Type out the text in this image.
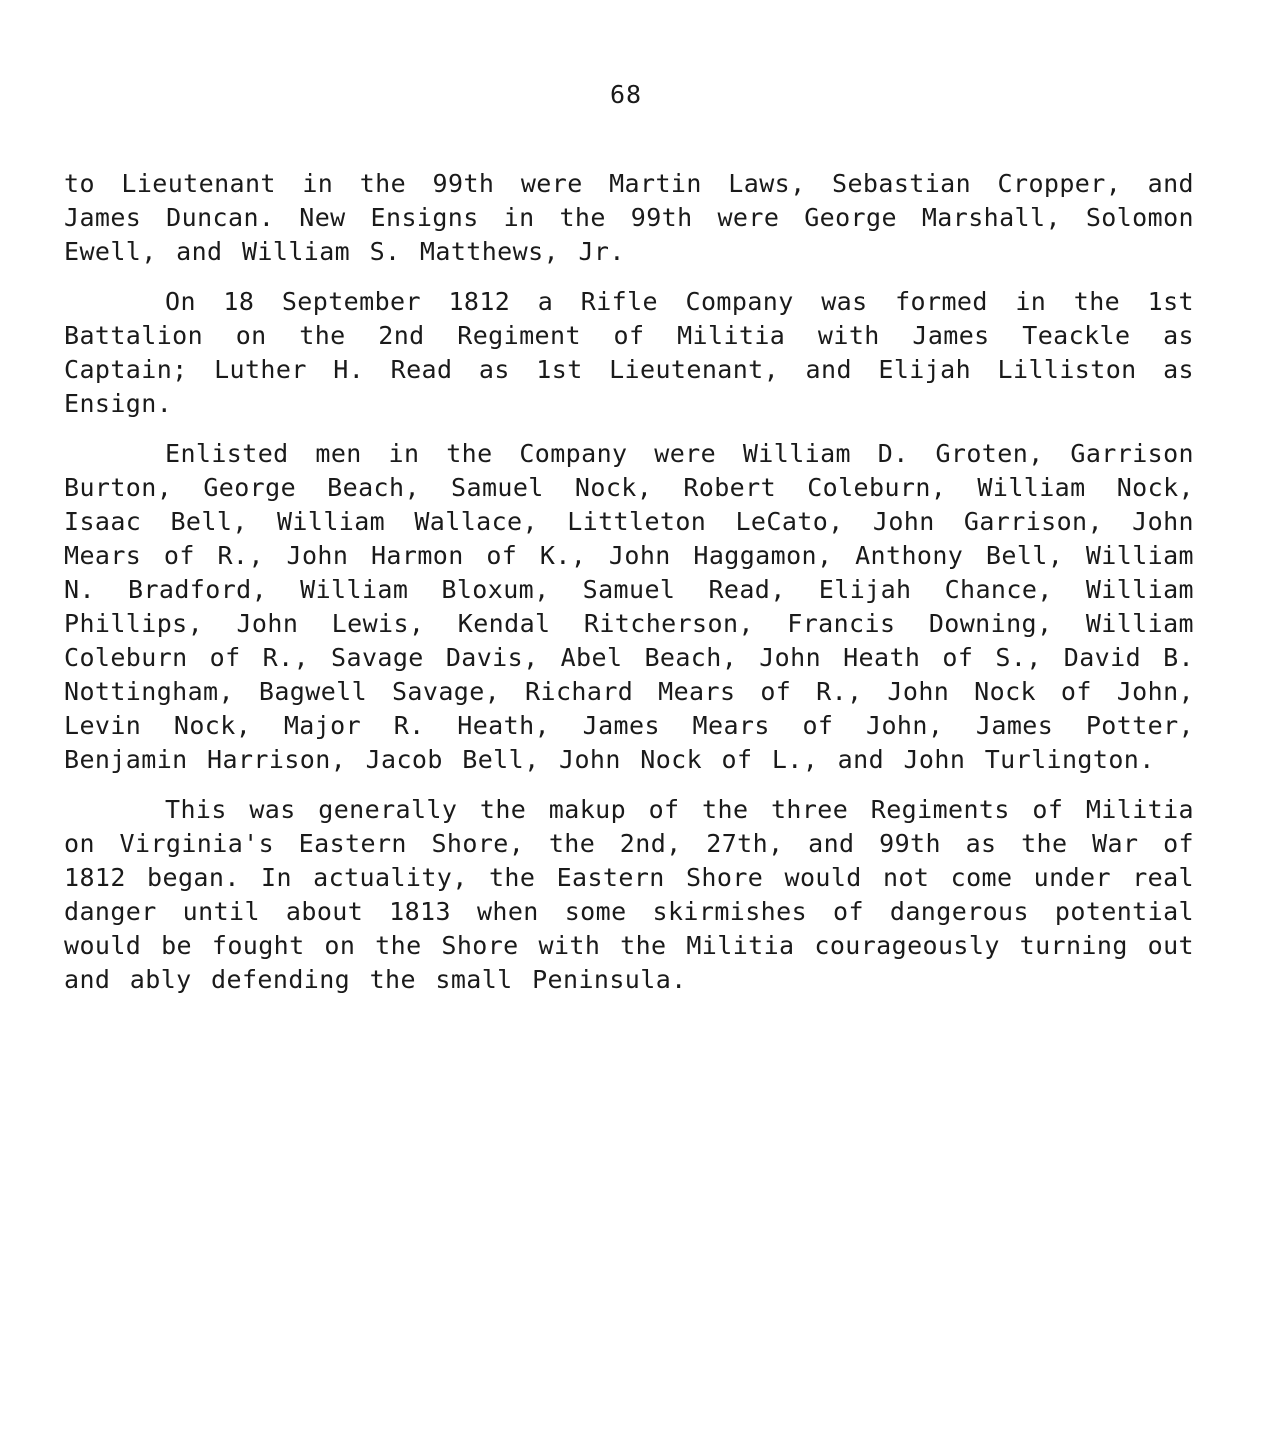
68

to Lieutenant in the 99th were Martin Laws, Sebastian Cropper, and James Duncan. New Ensigns in the 99th were George Marshall, Solomon Ewell, and William S. Matthews, Jr.

On 18 September 1812 a Rifle Company was formed in the 1st Battalion on the 2nd Regiment of Militia with James Teackle as Captain; Luther H. Read as 1st Lieutenant, and Elijah Lilliston as Ensign.

Enlisted men in the Company were William D. Groten, Garrison Burton, George Beach, Samuel Nock, Robert Coleburn, William Nock, Isaac Bell, William Wallace, Littleton LeCato, John Garrison, John Mears of R., John Harmon of K., John Haggamon, Anthony Bell, William N. Bradford, William Bloxum, Samuel Read, Elijah Chance, William Phillips, John Lewis, Kendal Ritcherson, Francis Downing, William Coleburn of R., Savage Davis, Abel Beach, John Heath of S., David B. Nottingham, Bagwell Savage, Richard Mears of R., John Nock of John, Levin Nock, Major R. Heath, James Mears of John, James Potter, Benjamin Harrison, Jacob Bell, John Nock of L., and John Turlington.

This was generally the makup of the three Regiments of Militia on Virginia's Eastern Shore, the 2nd, 27th, and 99th as the War of 1812 began. In actuality, the Eastern Shore would not come under real danger until about 1813 when some skirmishes of dangerous potential would be fought on the Shore with the Militia courageously turning out and ably defending the small Peninsula.
